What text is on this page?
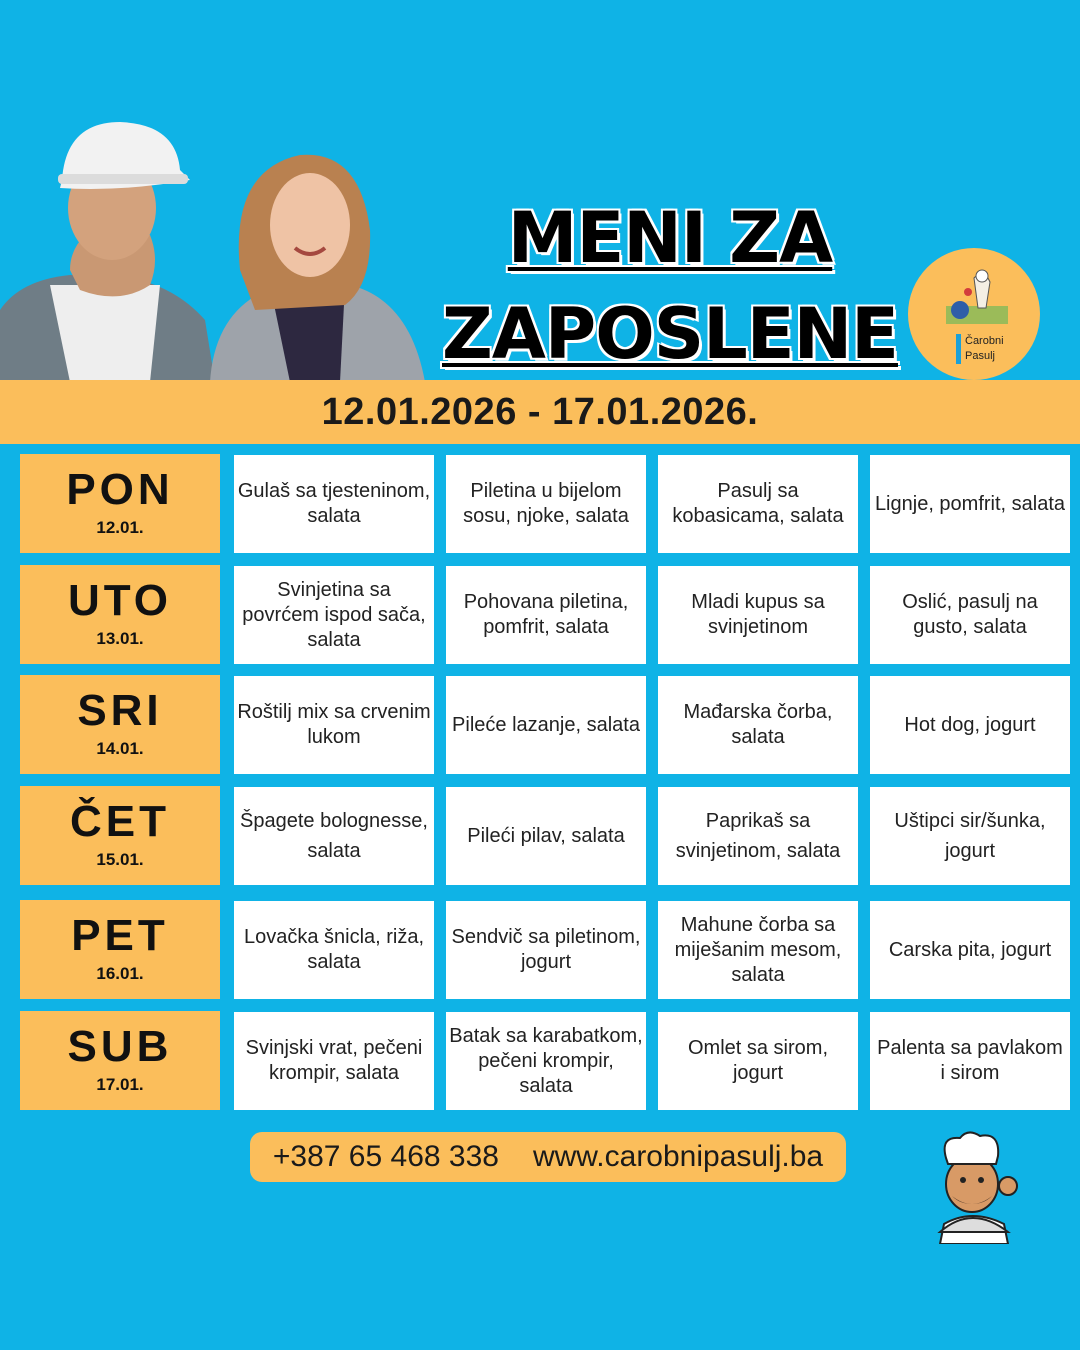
MENI ZA
ZAPOSLENE	Čarobni
Pasulj
12.01.2026 - 17.01.2026.
PON
12.01.
Gulaš sa tjesteninom, salata
Piletina u bijelom sosu, njoke, salata
Pasulj sa kobasicama, salata
Lignje, pomfrit, salata
UTO
13.01.
Svinjetina sa povrćem ispod sača, salata
Pohovana piletina, pomfrit, salata
Mladi kupus sa svinjetinom
Oslić, pasulj na gusto, salata
SRI
14.01.
Roštilj mix sa crvenim lukom
Pileće lazanje, salata
Mađarska čorba, salata
Hot dog, jogurt
ČET
15.01.
Špagete bolognesse, salata
Pileći pilav, salata
Paprikaš sa svinjetinom, salata
Uštipci sir/šunka, jogurt
PET
16.01.
Lovačka šnicla, riža, salata
Sendvič sa piletinom, jogurt
Mahune čorba sa miješanim mesom, salata
Carska pita, jogurt
SUB
17.01.
Svinjski vrat, pečeni krompir, salata
Batak sa karabatkom, pečeni krompir, salata
Omlet sa sirom, jogurt
Palenta sa pavlakom i sirom
+387 65 468 338 www.carobnipasulj.ba
